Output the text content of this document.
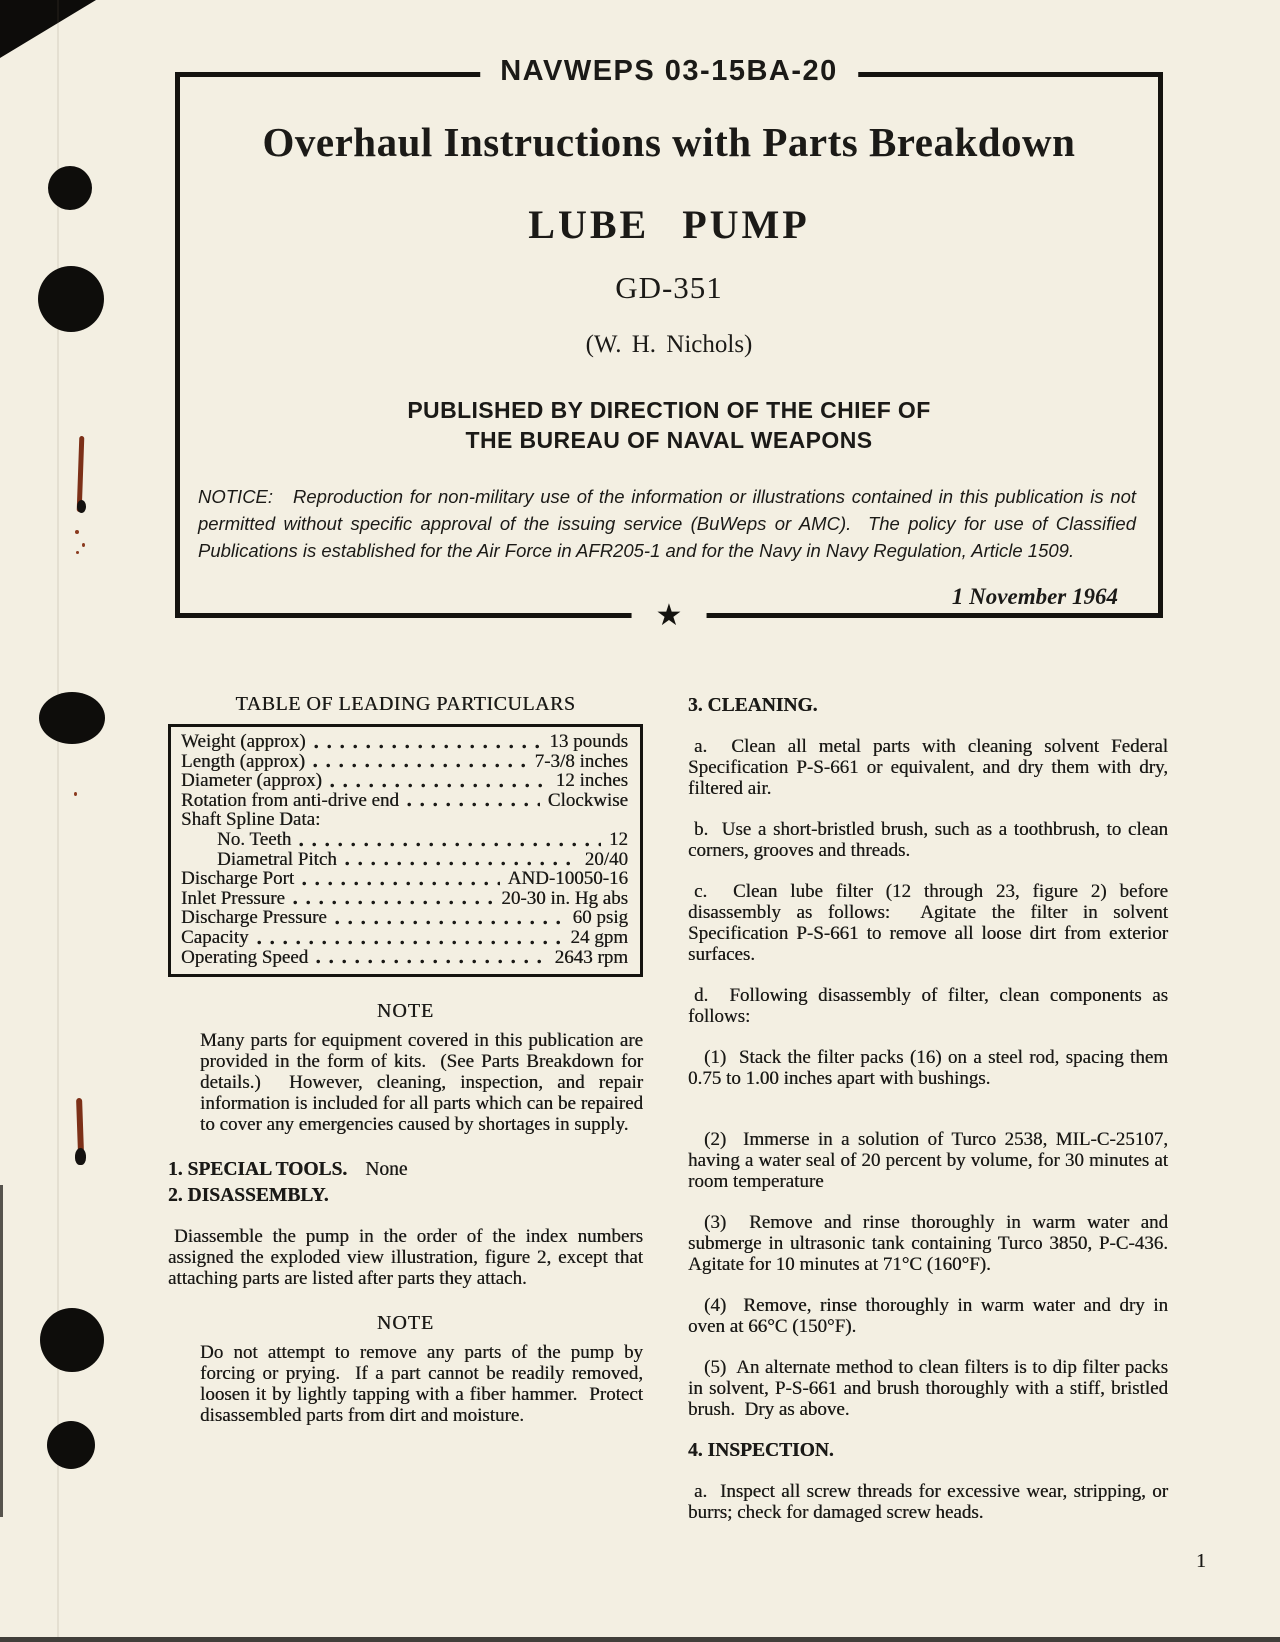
NAVWEPS 03-15BA-20
Overhaul Instructions with Parts Breakdown
LUBE PUMP
GD-351
(W. H. Nichols)
PUBLISHED BY DIRECTION OF THE CHIEF OF
THE BUREAU OF NAVAL WEAPONS

NOTICE:   Reproduction for non-military use of the information or illustrations contained in this publication is not permitted without specific approval of the issuing service (BuWeps or AMC).  The policy for use of Classified Publications is established for the Air Force in AFR205-1 and for the Navy in Navy Regulation, Article 1509.

1 November 1964
★
TABLE OF LEADING PARTICULARS
Weight (approx)	13 pounds
Length (approx)	7-3/8 inches
Diameter (approx)	12 inches
Rotation from anti-drive end	Clockwise
Shaft Spline Data:
No. Teeth	12
Diametral Pitch	20/40
Discharge Port	AND-10050-16
Inlet Pressure	20-30 in. Hg abs
Discharge Pressure	60 psig
Capacity	24 gpm
Operating Speed	2643 rpm
NOTE

Many parts for equipment covered in this publication are provided in the form of kits.  (See Parts Breakdown for details.)  However, cleaning, inspection, and repair information is included for all parts which can be repaired to cover any emergencies caused by shortages in supply.

1. SPECIAL TOOLS. None
2. DISASSEMBLY.

Diassemble the pump in the order of the index numbers assigned the exploded view illustration, figure 2, except that attaching parts are listed after parts they attach.

NOTE

Do not attempt to remove any parts of the pump by forcing or prying.  If a part cannot be readily removed, loosen it by lightly tapping with a fiber hammer.  Protect disassembled parts from dirt and moisture.

3. CLEANING.

a.  Clean all metal parts with cleaning solvent Federal Specification P-S-661 or equivalent, and dry them with dry, filtered air.

b.  Use a short-bristled brush, such as a toothbrush, to clean corners, grooves and threads.

c.  Clean lube filter (12 through 23, figure 2) before disassembly as follows:  Agitate the filter in solvent Specification P-S-661 to remove all loose dirt from exterior surfaces.

d.  Following disassembly of filter, clean components as follows:

(1)  Stack the filter packs (16) on a steel rod, spacing them 0.75 to 1.00 inches apart with bushings.

(2)  Immerse in a solution of Turco 2538, MIL-C-25107, having a water seal of 20 percent by volume, for 30 minutes at room temperature

(3)  Remove and rinse thoroughly in warm water and submerge in ultrasonic tank containing Turco 3850, P-C-436.  Agitate for 10 minutes at 71°C (160°F).

(4)  Remove, rinse thoroughly in warm water and dry in oven at 66°C (150°F).

(5)  An alternate method to clean filters is to dip filter packs in solvent, P-S-661 and brush thoroughly with a stiff, bristled brush.  Dry as above.

4. INSPECTION.

a.  Inspect all screw threads for excessive wear, stripping, or burrs; check for damaged screw heads.

1
